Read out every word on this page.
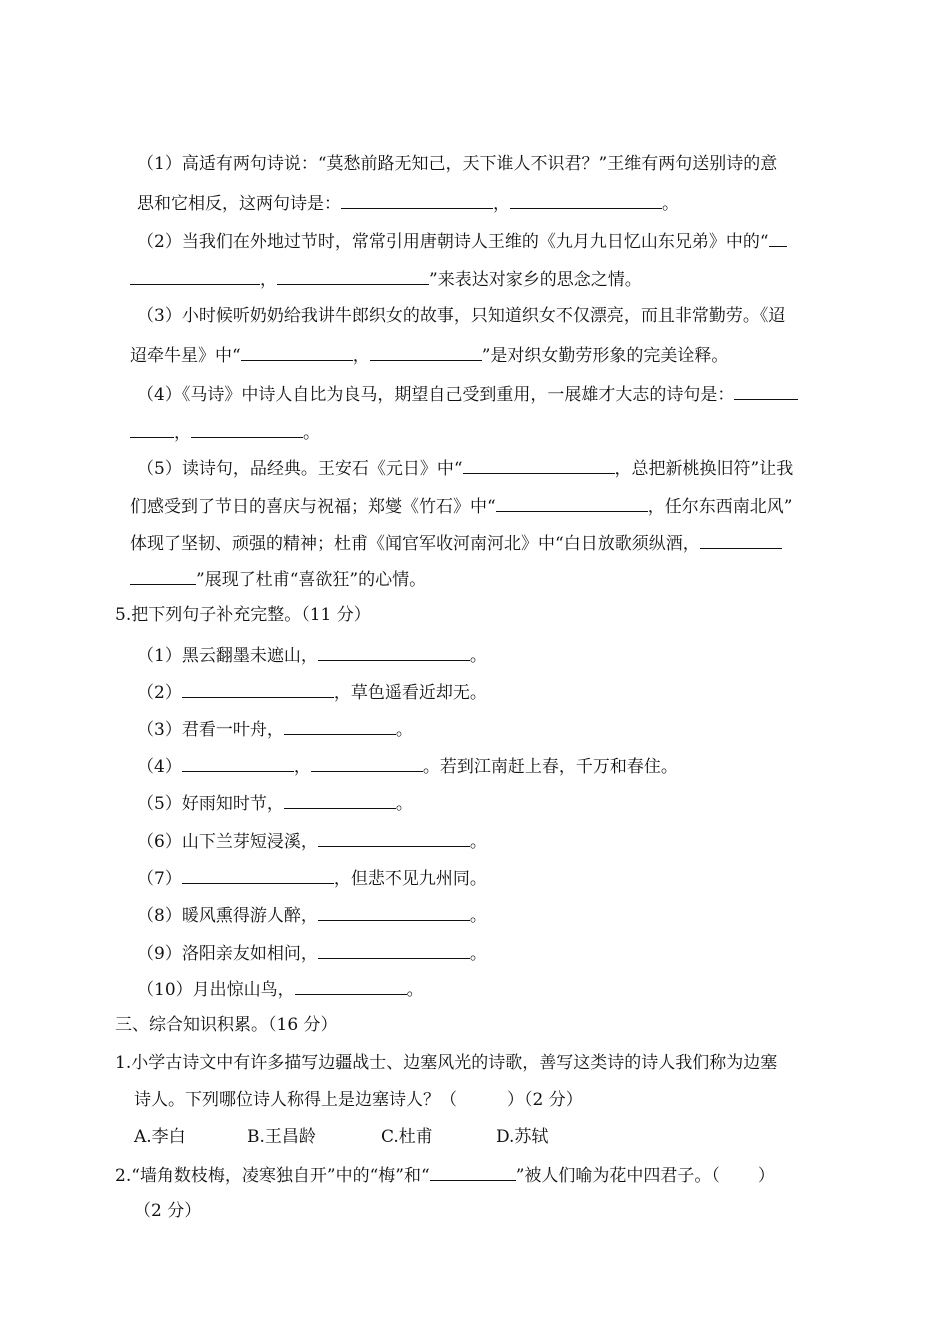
（1）高适有两句诗说：“莫愁前路无知己，天下谁人不识君？”王维有两句送别诗的意
思和它相反，这两句诗是：	，	。
（2）当我们在外地过节时，常常引用唐朝诗人王维的《九月九日忆山东兄弟》中的“
，	”来表达对家乡的思念之情。
（3）小时候听奶奶给我讲牛郎织女的故事，只知道织女不仅漂亮，而且非常勤劳。《迢
迢牵牛星》中“	，	”是对织女勤劳形象的完美诠释。
（4）《马诗》中诗人自比为良马，期望自己受到重用，一展雄才大志的诗句是：
，	。
（5）读诗句，品经典。王安石《元日》中“	，总把新桃换旧符”让我
们感受到了节日的喜庆与祝福；郑燮《竹石》中“	，任尔东西南北风”
体现了坚韧、顽强的精神；杜甫《闻官军收河南河北》中“白日放歌须纵酒，
”展现了杜甫“喜欲狂”的心情。
5.把下列句子补充完整。（11 分）
（1）黑云翻墨未遮山，	。
（2）	，草色遥看近却无。
（3）君看一叶舟，	。
（4）	，	。若到江南赶上春，千万和春住。
（5）好雨知时节，	。
（6）山下兰芽短浸溪，	。
（7）	，但悲不见九州同。
（8）暖风熏得游人醉，	。
（9）洛阳亲友如相问，	。
（10）月出惊山鸟，	。
三、综合知识积累。（16 分）
1.小学古诗文中有许多描写边疆战士、边塞风光的诗歌，善写这类诗的诗人我们称为边塞
诗人。下列哪位诗人称得上是边塞诗人？（	）（2 分）
A.李白	B.王昌龄	C.杜甫	D.苏轼
2.“墙角数枝梅，凌寒独自开”中的“梅”和“	”被人们喻为花中四君子。（ ）
（2 分）
